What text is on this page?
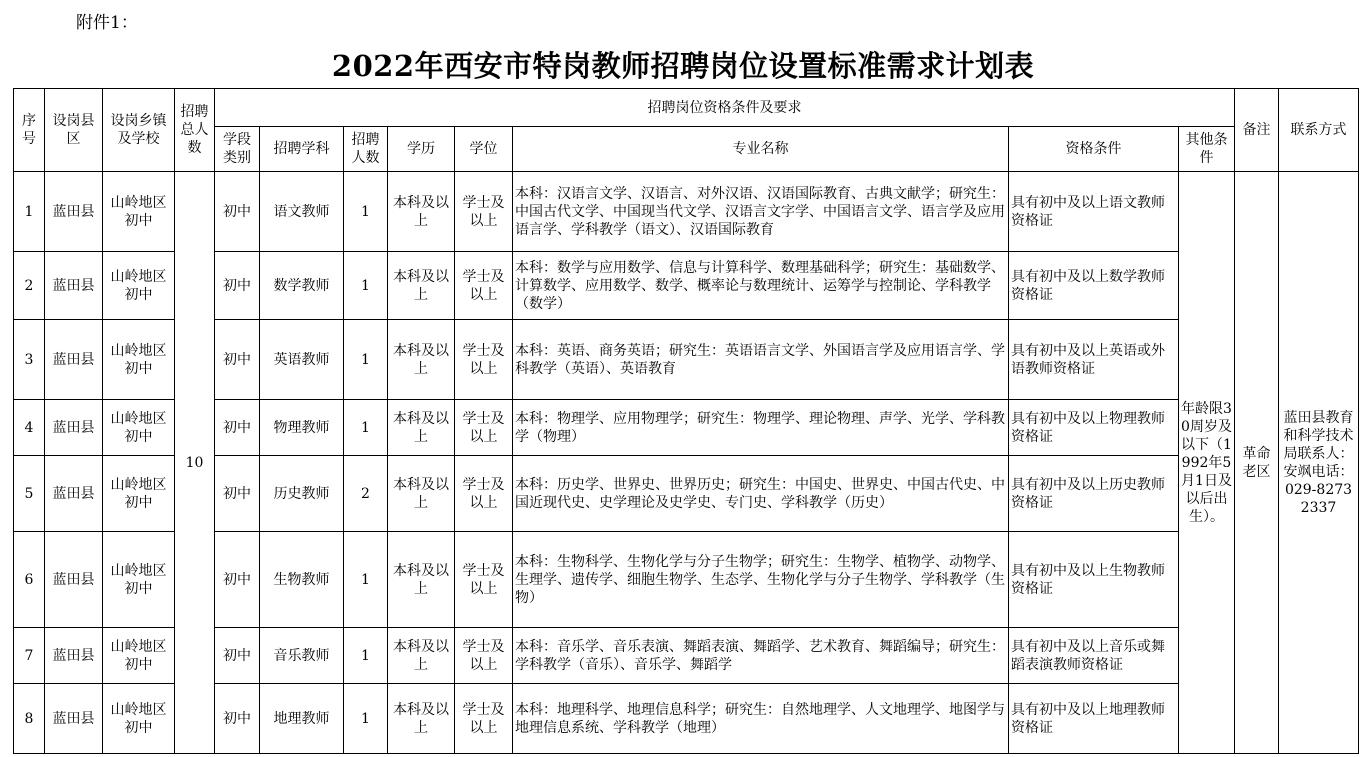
附件1：
2022年西安市特岗教师招聘岗位设置标准需求计划表
序号	设岗县区	设岗乡镇及学校	招聘总人数	招聘岗位资格条件及要求								备注	联系方式
				学段类别	招聘学科	招聘人数	学历	学位	专业名称	资格条件	其他条件		
1	蓝田县	山岭地区初中	10	初中	语文教师	1	本科及以上	学士及以上	本科：汉语言文学、汉语言、对外汉语、汉语国际教育、古典文献学；研究生：中国古代文学、中国现当代文学、汉语言文字学、中国语言文学、语言学及应用语言学、学科教学（语文）、汉语国际教育	具有初中及以上语文教师资格证	年龄限30周岁及以下（1992年5月1日及以后出生）。	革命老区	蓝田县教育和科学技术局联系人：安飒电话：029-82732337
2	蓝田县	山岭地区初中		初中	数学教师	1	本科及以上	学士及以上	本科：数学与应用数学、信息与计算科学、数理基础科学；研究生：基础数学、计算数学、应用数学、数学、概率论与数理统计、运筹学与控制论、学科教学（数学）	具有初中及以上数学教师资格证			
3	蓝田县	山岭地区初中		初中	英语教师	1	本科及以上	学士及以上	本科：英语、商务英语；研究生：英语语言文学、外国语言学及应用语言学、学科教学（英语）、英语教育	具有初中及以上英语或外语教师资格证			
4	蓝田县	山岭地区初中		初中	物理教师	1	本科及以上	学士及以上	本科：物理学、应用物理学；研究生：物理学、理论物理、声学、光学、学科教学（物理）	具有初中及以上物理教师资格证			
5	蓝田县	山岭地区初中		初中	历史教师	2	本科及以上	学士及以上	本科：历史学、世界史、世界历史；研究生：中国史、世界史、中国古代史、中国近现代史、史学理论及史学史、专门史、学科教学（历史）	具有初中及以上历史教师资格证			
6	蓝田县	山岭地区初中		初中	生物教师	1	本科及以上	学士及以上	本科：生物科学、生物化学与分子生物学；研究生：生物学、植物学、动物学、生理学、遗传学、细胞生物学、生态学、生物化学与分子生物学、学科教学（生物）	具有初中及以上生物教师资格证			
7	蓝田县	山岭地区初中		初中	音乐教师	1	本科及以上	学士及以上	本科：音乐学、音乐表演、舞蹈表演、舞蹈学、艺术教育、舞蹈编导；研究生：学科教学（音乐）、音乐学、舞蹈学	具有初中及以上音乐或舞蹈表演教师资格证			
8	蓝田县	山岭地区初中		初中	地理教师	1	本科及以上	学士及以上	本科：地理科学、地理信息科学；研究生：自然地理学、人文地理学、地图学与地理信息系统、学科教学（地理）	具有初中及以上地理教师资格证			
